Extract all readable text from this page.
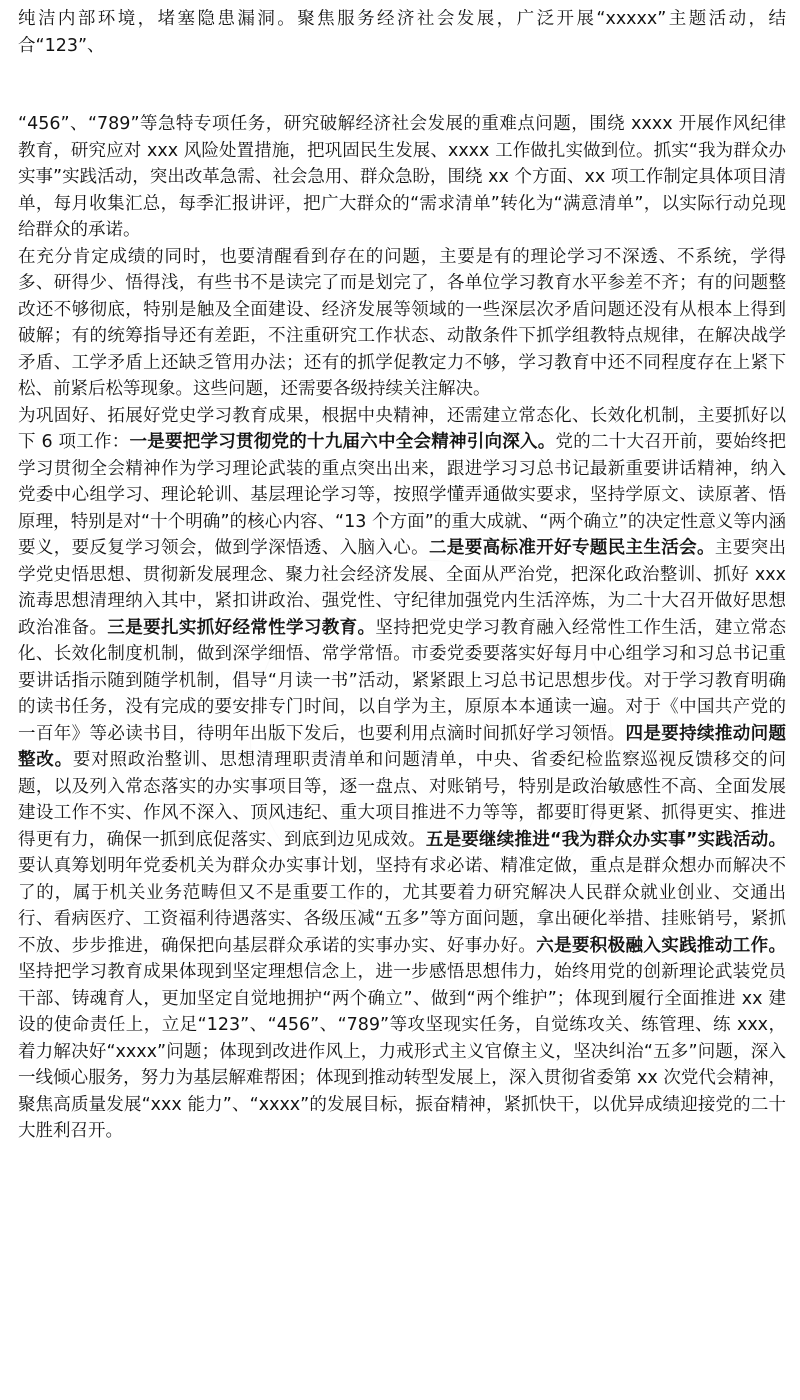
纯洁内部环境，堵塞隐患漏洞。聚焦服务经济社会发展，广泛开展“xxxxx”主题活动，结合“123”、

“456”、“789”等急特专项任务，研究破解经济社会发展的重难点问题，围绕 xxxx 开展作风纪律教育，研究应对 xxx 风险处置措施，把巩固民生发展、xxxx 工作做扎实做到位。抓实“我为群众办实事”实践活动，突出改革急需、社会急用、群众急盼，围绕 xx 个方面、xx 项工作制定具体项目清单，每月收集汇总，每季汇报讲评，把广大群众的“需求清单”转化为“满意清单”，以实际行动兑现给群众的承诺。

在充分肯定成绩的同时，也要清醒看到存在的问题，主要是有的理论学习不深透、不系统，学得多、研得少、悟得浅，有些书不是读完了而是划完了，各单位学习教育水平参差不齐；有的问题整改还不够彻底，特别是触及全面建设、经济发展等领域的一些深层次矛盾问题还没有从根本上得到破解；有的统筹指导还有差距，不注重研究工作状态、动散条件下抓学组教特点规律，在解决战学矛盾、工学矛盾上还缺乏管用办法；还有的抓学促教定力不够，学习教育中还不同程度存在上紧下松、前紧后松等现象。这些问题，还需要各级持续关注解决。

为巩固好、拓展好党史学习教育成果，根据中央精神，还需建立常态化、长效化机制，主要抓好以下 6 项工作：一是要把学习贯彻党的十九届六中全会精神引向深入。党的二十大召开前，要始终把学习贯彻全会精神作为学习理论武装的重点突出出来，跟进学习习总书记最新重要讲话精神，纳入党委中心组学习、理论轮训、基层理论学习等，按照学懂弄通做实要求，坚持学原文、读原著、悟原理，特别是对“十个明确”的核心内容、“13 个方面”的重大成就、“两个确立”的决定性意义等内涵要义，要反复学习领会，做到学深悟透、入脑入心。二是要高标准开好专题民主生活会。主要突出学党史悟思想、贯彻新发展理念、聚力社会经济发展、全面从严治党，把深化政治整训、抓好 xxx 流毒思想清理纳入其中，紧扣讲政治、强党性、守纪律加强党内生活淬炼，为二十大召开做好思想政治准备。三是要扎实抓好经常性学习教育。坚持把党史学习教育融入经常性工作生活，建立常态化、长效化制度机制，做到深学细悟、常学常悟。市委党委要落实好每月中心组学习和习总书记重要讲话指示随到随学机制，倡导“月读一书”活动，紧紧跟上习总书记思想步伐。对于学习教育明确的读书任务，没有完成的要安排专门时间，以自学为主，原原本本通读一遍。对于《中国共产党的一百年》等必读书目，待明年出版下发后，也要利用点滴时间抓好学习领悟。四是要持续推动问题整改。要对照政治整训、思想清理职责清单和问题清单，中央、省委纪检监察巡视反馈移交的问题，以及列入常态落实的办实事项目等，逐一盘点、对账销号，特别是政治敏感性不高、全面发展建设工作不实、作风不深入、顶风违纪、重大项目推进不力等等，都要盯得更紧、抓得更实、推进得更有力，确保一抓到底促落实、到底到边见成效。五是要继续推进“我为群众办实事”实践活动。要认真筹划明年党委机关为群众办实事计划，坚持有求必诺、精准定做，重点是群众想办而解决不了的，属于机关业务范畴但又不是重要工作的，尤其要着力研究解决人民群众就业创业、交通出行、看病医疗、工资福利待遇落实、各级压减“五多”等方面问题，拿出硬化举措、挂账销号，紧抓不放、步步推进，确保把向基层群众承诺的实事办实、好事办好。六是要积极融入实践推动工作。坚持把学习教育成果体现到坚定理想信念上，进一步感悟思想伟力，始终用党的创新理论武装党员干部、铸魂育人，更加坚定自觉地拥护“两个确立”、做到“两个维护”；体现到履行全面推进 xx 建设的使命责任上，立足“123”、“456”、“789”等攻坚现实任务，自觉练攻关、练管理、练 xxx，着力解决好“xxxx”问题；体现到改进作风上，力戒形式主义官僚主义，坚决纠治“五多”问题，深入一线倾心服务，努力为基层解难帮困；体现到推动转型发展上，深入贯彻省委第 xx 次党代会精神，聚焦高质量发展“xxx 能力”、“xxxx”的发展目标，振奋精神，紧抓快干，以优异成绩迎接党的二十大胜利召开。
